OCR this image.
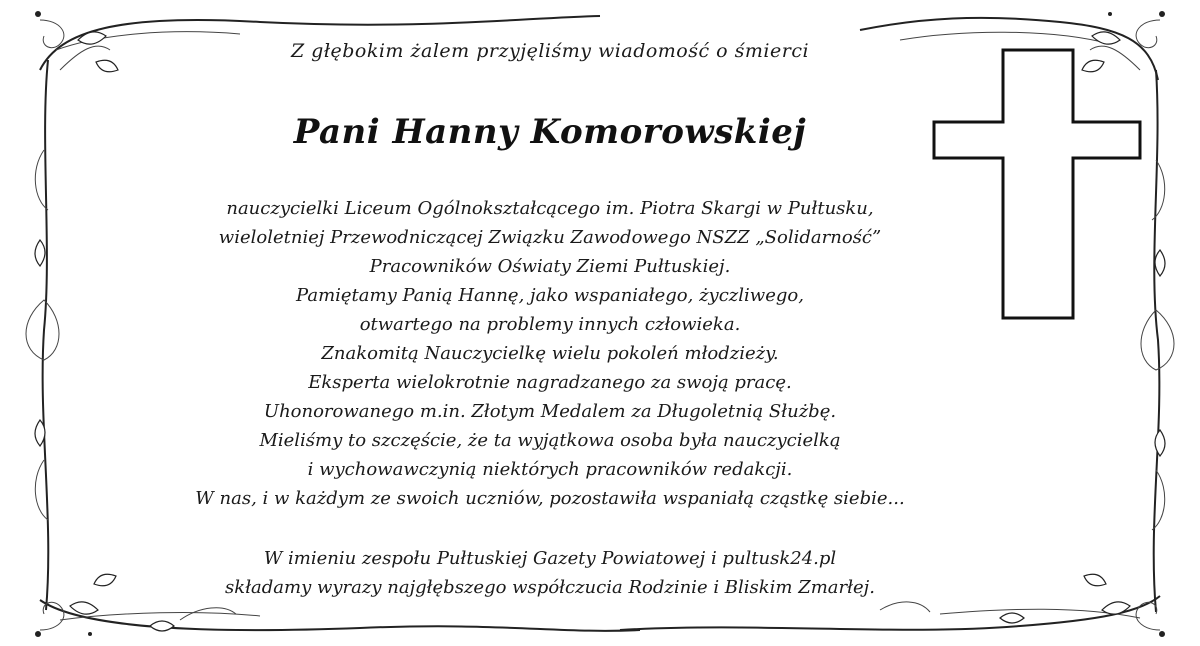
Z głębokim żalem przyjęliśmy wiadomość o śmierci
Pani Hanny Komorowskiej
nauczycielki Liceum Ogólnokształcącego im. Piotra Skargi w Pułtusku,
wieloletniej Przewodniczącej Związku Zawodowego NSZZ „Solidarność”
Pracowników Oświaty Ziemi Pułtuskiej.
Pamiętamy Panią Hannę, jako wspaniałego, życzliwego,
otwartego na problemy innych człowieka.
Znakomitą Nauczycielkę wielu pokoleń młodzieży.
Eksperta wielokrotnie nagradzanego za swoją pracę.
Uhonorowanego m.in. Złotym Medalem za Długoletnią Służbę.
Mieliśmy to szczęście, że ta wyjątkowa osoba była nauczycielką
i wychowawczynią niektórych pracowników redakcji.
W nas, i w każdym ze swoich uczniów, pozostawiła wspaniałą cząstkę siebie...
W imieniu zespołu Pułtuskiej Gazety Powiatowej i pultusk24.pl
składamy wyrazy najgłębszego współczucia Rodzinie i Bliskim Zmarłej.
